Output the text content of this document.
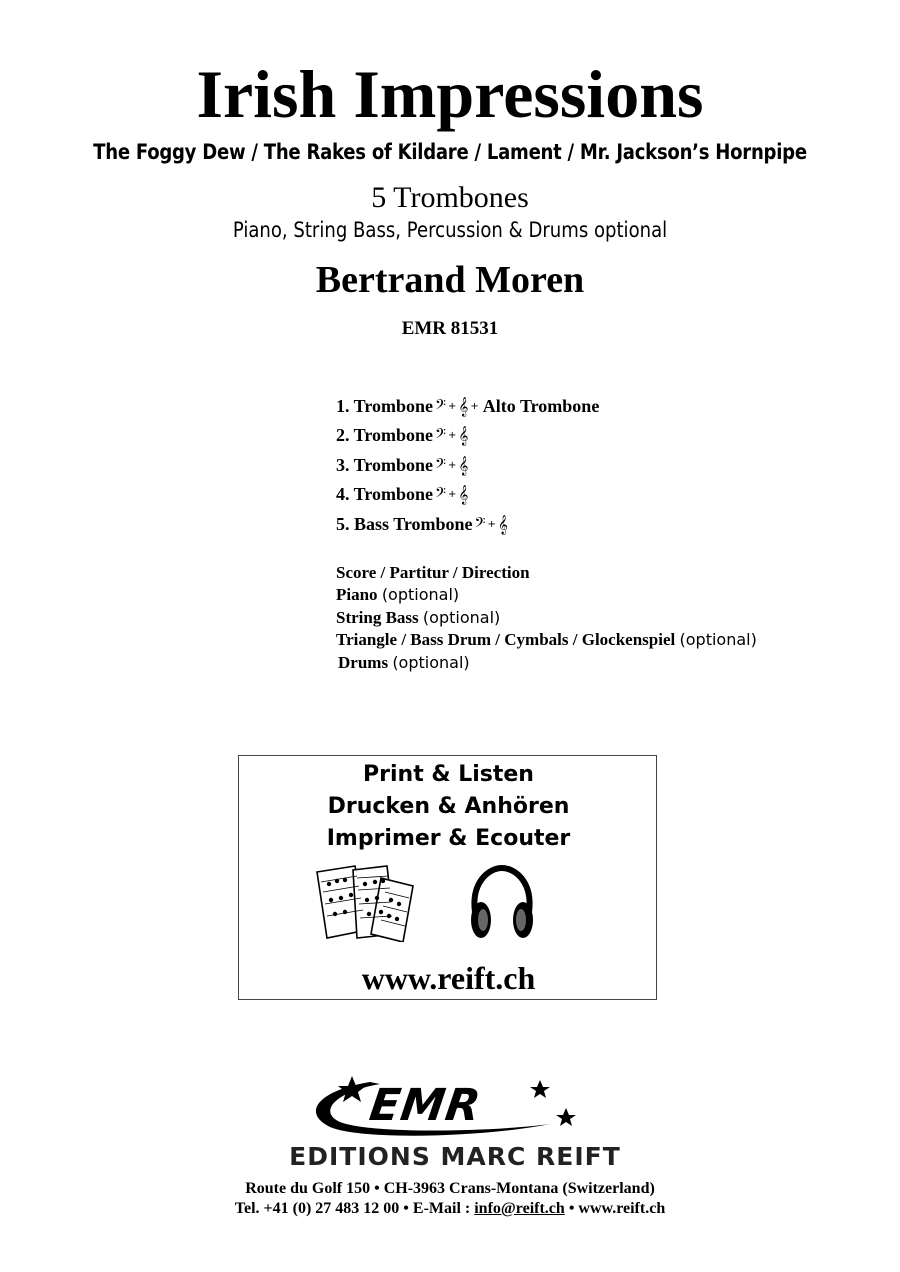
Irish Impressions
The Foggy Dew / The Rakes of Kildare / Lament / Mr. Jackson’s Hornpipe
5 Trombones
Piano, String Bass, Percussion & Drums optional
Bertrand Moren
EMR 81531
1. Trombone 𝄢 + 𝄞 + Alto Trombone
2. Trombone 𝄢 + 𝄞
3. Trombone 𝄢 + 𝄞
4. Trombone 𝄢 + 𝄞
5. Bass Trombone 𝄢 + 𝄞
Score / Partitur / Direction
Piano (optional)
String Bass (optional)
Triangle / Bass Drum / Cymbals / Glockenspiel (optional)
Drums (optional)
Print & Listen
Drucken & Anhören
Imprimer & Ecouter
www.reift.ch
EMR
EDITIONS MARC REIFT
Route du Golf 150 • CH-3963 Crans-Montana (Switzerland)
Tel. +41 (0) 27 483 12 00 • E-Mail : info@reift.ch • www.reift.ch
